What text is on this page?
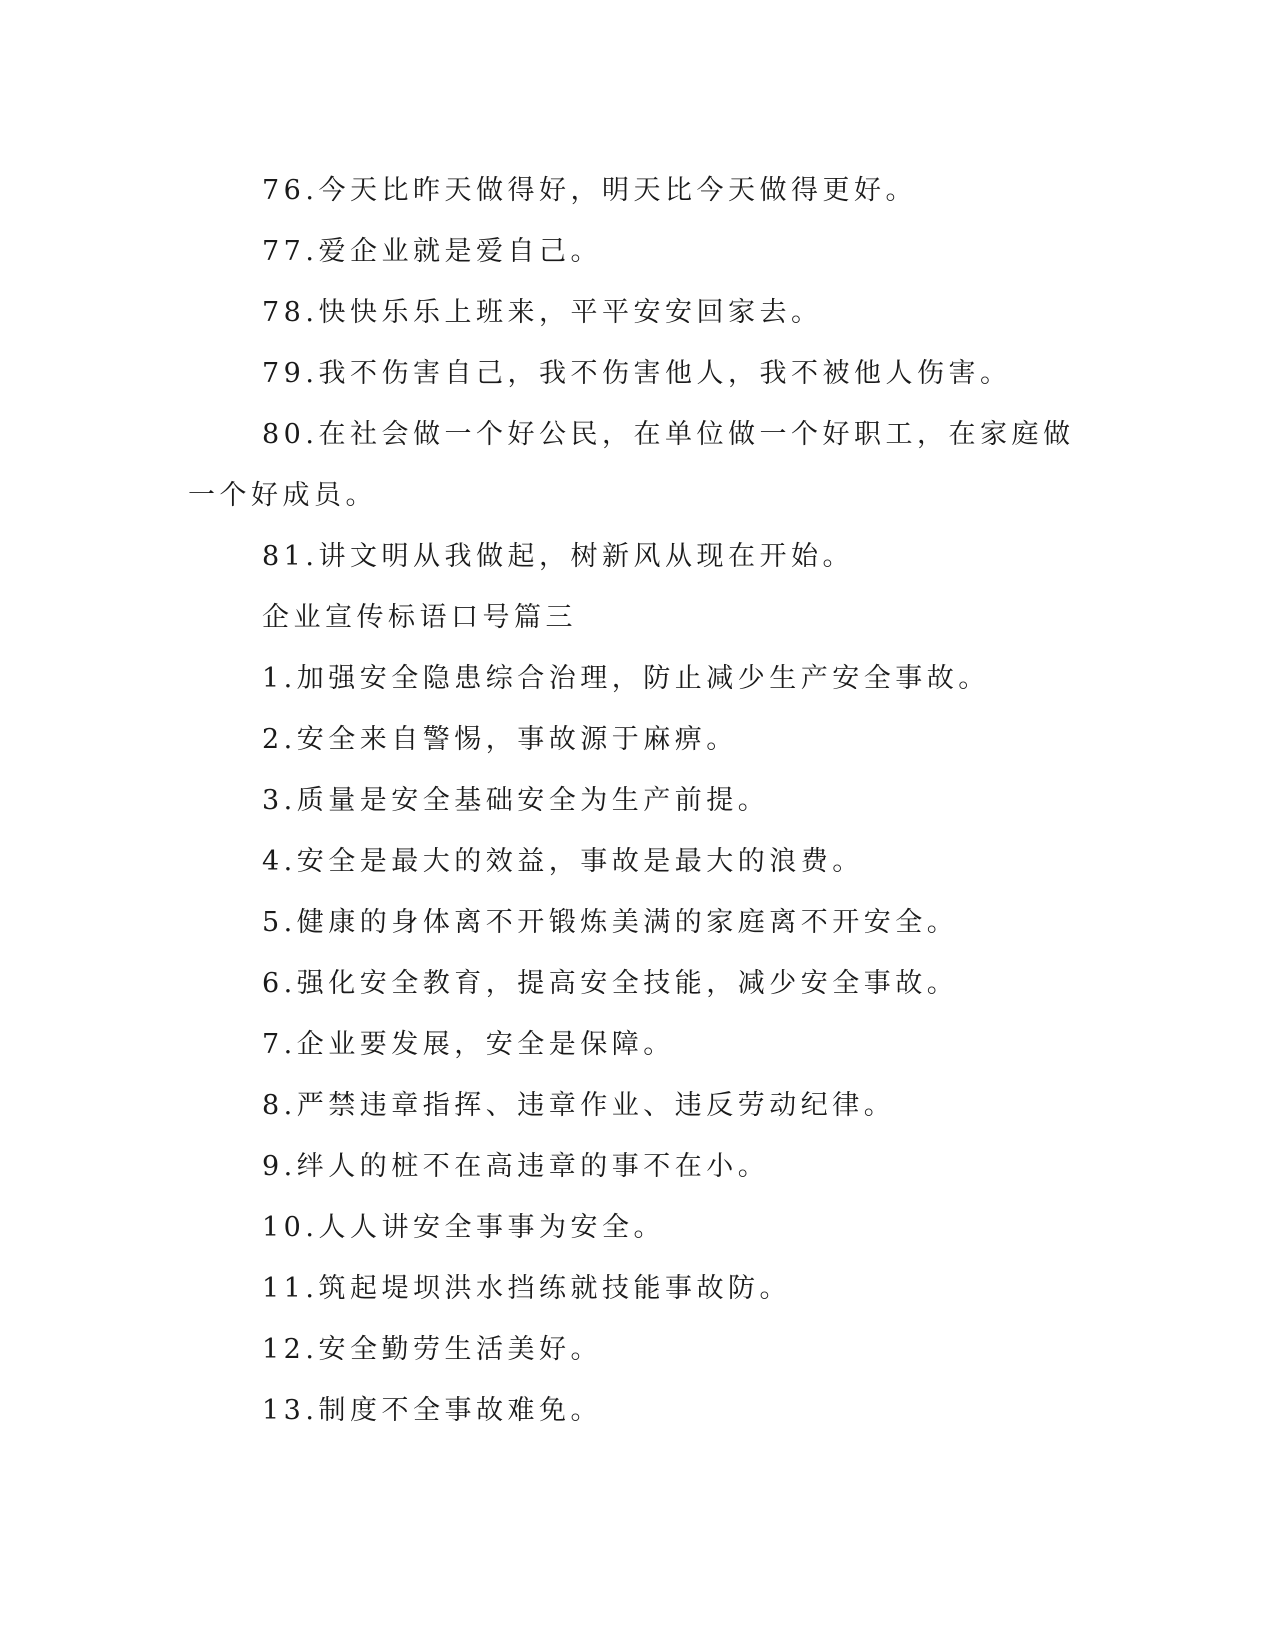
76.今天比昨天做得好，明天比今天做得更好。

77.爱企业就是爱自己。

78.快快乐乐上班来，平平安安回家去。

79.我不伤害自己，我不伤害他人，我不被他人伤害。

80.在社会做一个好公民，在单位做一个好职工，在家庭做一个好成员。

81.讲文明从我做起，树新风从现在开始。

企业宣传标语口号篇三

1.加强安全隐患综合治理，防止减少生产安全事故。

2.安全来自警惕，事故源于麻痹。

3.质量是安全基础安全为生产前提。

4.安全是最大的效益，事故是最大的浪费。

5.健康的身体离不开锻炼美满的家庭离不开安全。

6.强化安全教育，提高安全技能，减少安全事故。

7.企业要发展，安全是保障。

8.严禁违章指挥、违章作业、违反劳动纪律。

9.绊人的桩不在高违章的事不在小。

10.人人讲安全事事为安全。

11.筑起堤坝洪水挡练就技能事故防。

12.安全勤劳生活美好。

13.制度不全事故难免。
